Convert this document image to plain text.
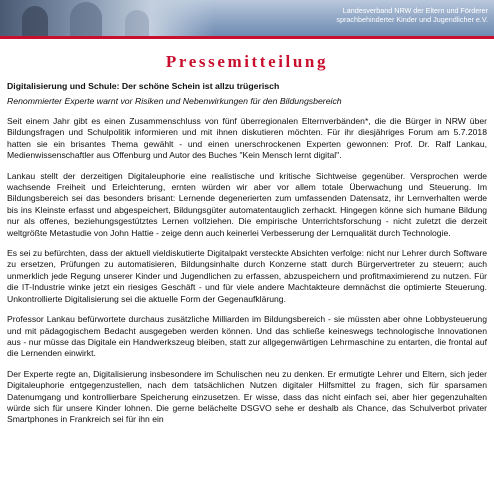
Landesverband NRW der Eltern und Förderer
sprachbehinderter Kinder und Jugendlicher e.V.
Pressemitteilung
Digitalisierung und Schule: Der schöne Schein ist allzu trügerisch
Renommierter Experte warnt vor Risiken und Nebenwirkungen für den Bildungsbereich

Seit einem Jahr gibt es einen Zusammenschluss von fünf überregionalen Elternverbänden*, die die Bürger in NRW über Bildungsfragen und Schulpolitik informieren und mit ihnen diskutieren möchten. Für ihr diesjähriges Forum am 5.7.2018 hatten sie ein brisantes Thema gewählt - und einen unerschrockenen Experten gewonnen: Prof. Dr. Ralf Lankau, Medienwissenschaftler aus Offenburg und Autor des Buches "Kein Mensch lernt digital".

Lankau stellt der derzeitigen Digitaleuphorie eine realistische und kritische Sichtweise gegenüber. Versprochen werde wachsende Freiheit und Erleichterung, ernten würden wir aber vor allem totale Überwachung und Steuerung. Im Bildungsbereich sei das besonders brisant: Lernende degenerierten zum umfassenden Datensatz, ihr Lernverhalten werde bis ins Kleinste erfasst und abgespeichert, Bildungsgüter automatentauglich zerhackt. Hingegen könne sich humane Bildung nur als offenes, beziehungsgestütztes Lernen vollziehen. Die empirische Unterrichtsforschung - nicht zuletzt die derzeit weltgrößte Metastudie von John Hattie - zeige denn auch keinerlei Verbesserung der Lernqualität durch Technologie.

Es sei zu befürchten, dass der aktuell vieldiskutierte Digitalpakt versteckte Absichten verfolge: nicht nur Lehrer durch Software zu ersetzen, Prüfungen zu automatisieren, Bildungsinhalte durch Konzerne statt durch Bürgervertreter zu steuern; auch unmerklich jede Regung unserer Kinder und Jugendlichen zu erfassen, abzuspeichern und profitmaximierend zu nutzen. Für die IT-Industrie winke jetzt ein riesiges Geschäft - und für viele andere Machtakteure demnächst die optimierte Steuerung. Unkontrollierte Digitalisierung sei die aktuelle Form der Gegenaufklärung.

Professor Lankau befürwortete durchaus zusätzliche Milliarden im Bildungsbereich - sie müssten aber ohne Lobbysteuerung und mit pädagogischem Bedacht ausgegeben werden können. Und das schließe keineswegs technologische Innovationen aus - nur müsse das Digitale ein Handwerkszeug bleiben, statt zur allgegenwärtigen Lehrmaschine zu entarten, die frontal auf die Lernenden einwirkt.

Der Experte regte an, Digitalisierung insbesondere im Schulischen neu zu denken. Er ermutigte Lehrer und Eltern, sich jeder Digitaleuphorie entgegenzustellen, nach dem tatsächlichen Nutzen digitaler Hilfsmittel zu fragen, sich für sparsamen Datenumgang und kontrollierbare Speicherung einzusetzen. Er wisse, dass das nicht einfach sei, aber hier gegenzuhalten würde sich für unsere Kinder lohnen. Die gerne belächelte DSGVO sehe er deshalb als Chance, das Schulverbot privater Smartphones in Frankreich sei für ihn ein
